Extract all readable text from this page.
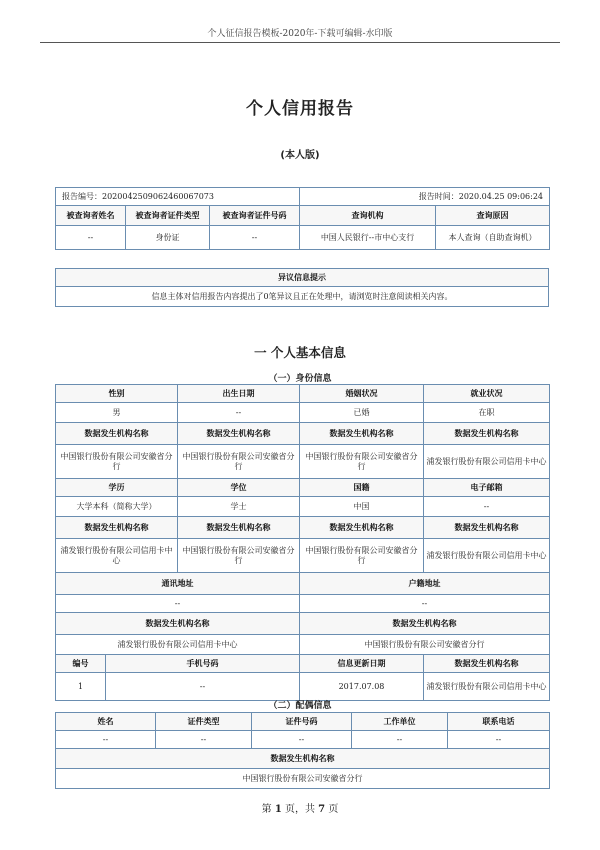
个人征信报告模板-2020年-下载可编辑-水印版
个人信用报告
(本人版)
报告编号：2020042509062460067073			报告时间：2020.04.25 09:06:24	
被查询者姓名	被查询者证件类型	被查询者证件号码	查询机构	查询原因
--	身份证	--	中国人民银行--市中心支行	本人查询（自助查询机）
异议信息提示
信息主体对信用报告内容提出了0笔异议且正在处理中，请浏览时注意阅读相关内容。
一 个人基本信息
（一）身份信息
性别		出生日期	婚姻状况	就业状况
男		--	已婚	在职
数据发生机构名称		数据发生机构名称	数据发生机构名称	数据发生机构名称
中国银行股份有限公司安徽省分行		中国银行股份有限公司安徽省分行	中国银行股份有限公司安徽省分行	浦发银行股份有限公司信用卡中心
学历		学位	国籍	电子邮箱
大学本科（简称大学）		学士	中国	--
数据发生机构名称		数据发生机构名称	数据发生机构名称	数据发生机构名称
浦发银行股份有限公司信用卡中心		中国银行股份有限公司安徽省分行	中国银行股份有限公司安徽省分行	浦发银行股份有限公司信用卡中心
通讯地址			户籍地址	
--			--	
数据发生机构名称			数据发生机构名称	
浦发银行股份有限公司信用卡中心			中国银行股份有限公司安徽省分行	
编号	手机号码		信息更新日期	数据发生机构名称
1	--		2017.07.08	浦发银行股份有限公司信用卡中心
（二）配偶信息
姓名	证件类型	证件号码	工作单位	联系电话
--	--	--	--	--
数据发生机构名称				
中国银行股份有限公司安徽省分行				
第 1 页，共 7 页
